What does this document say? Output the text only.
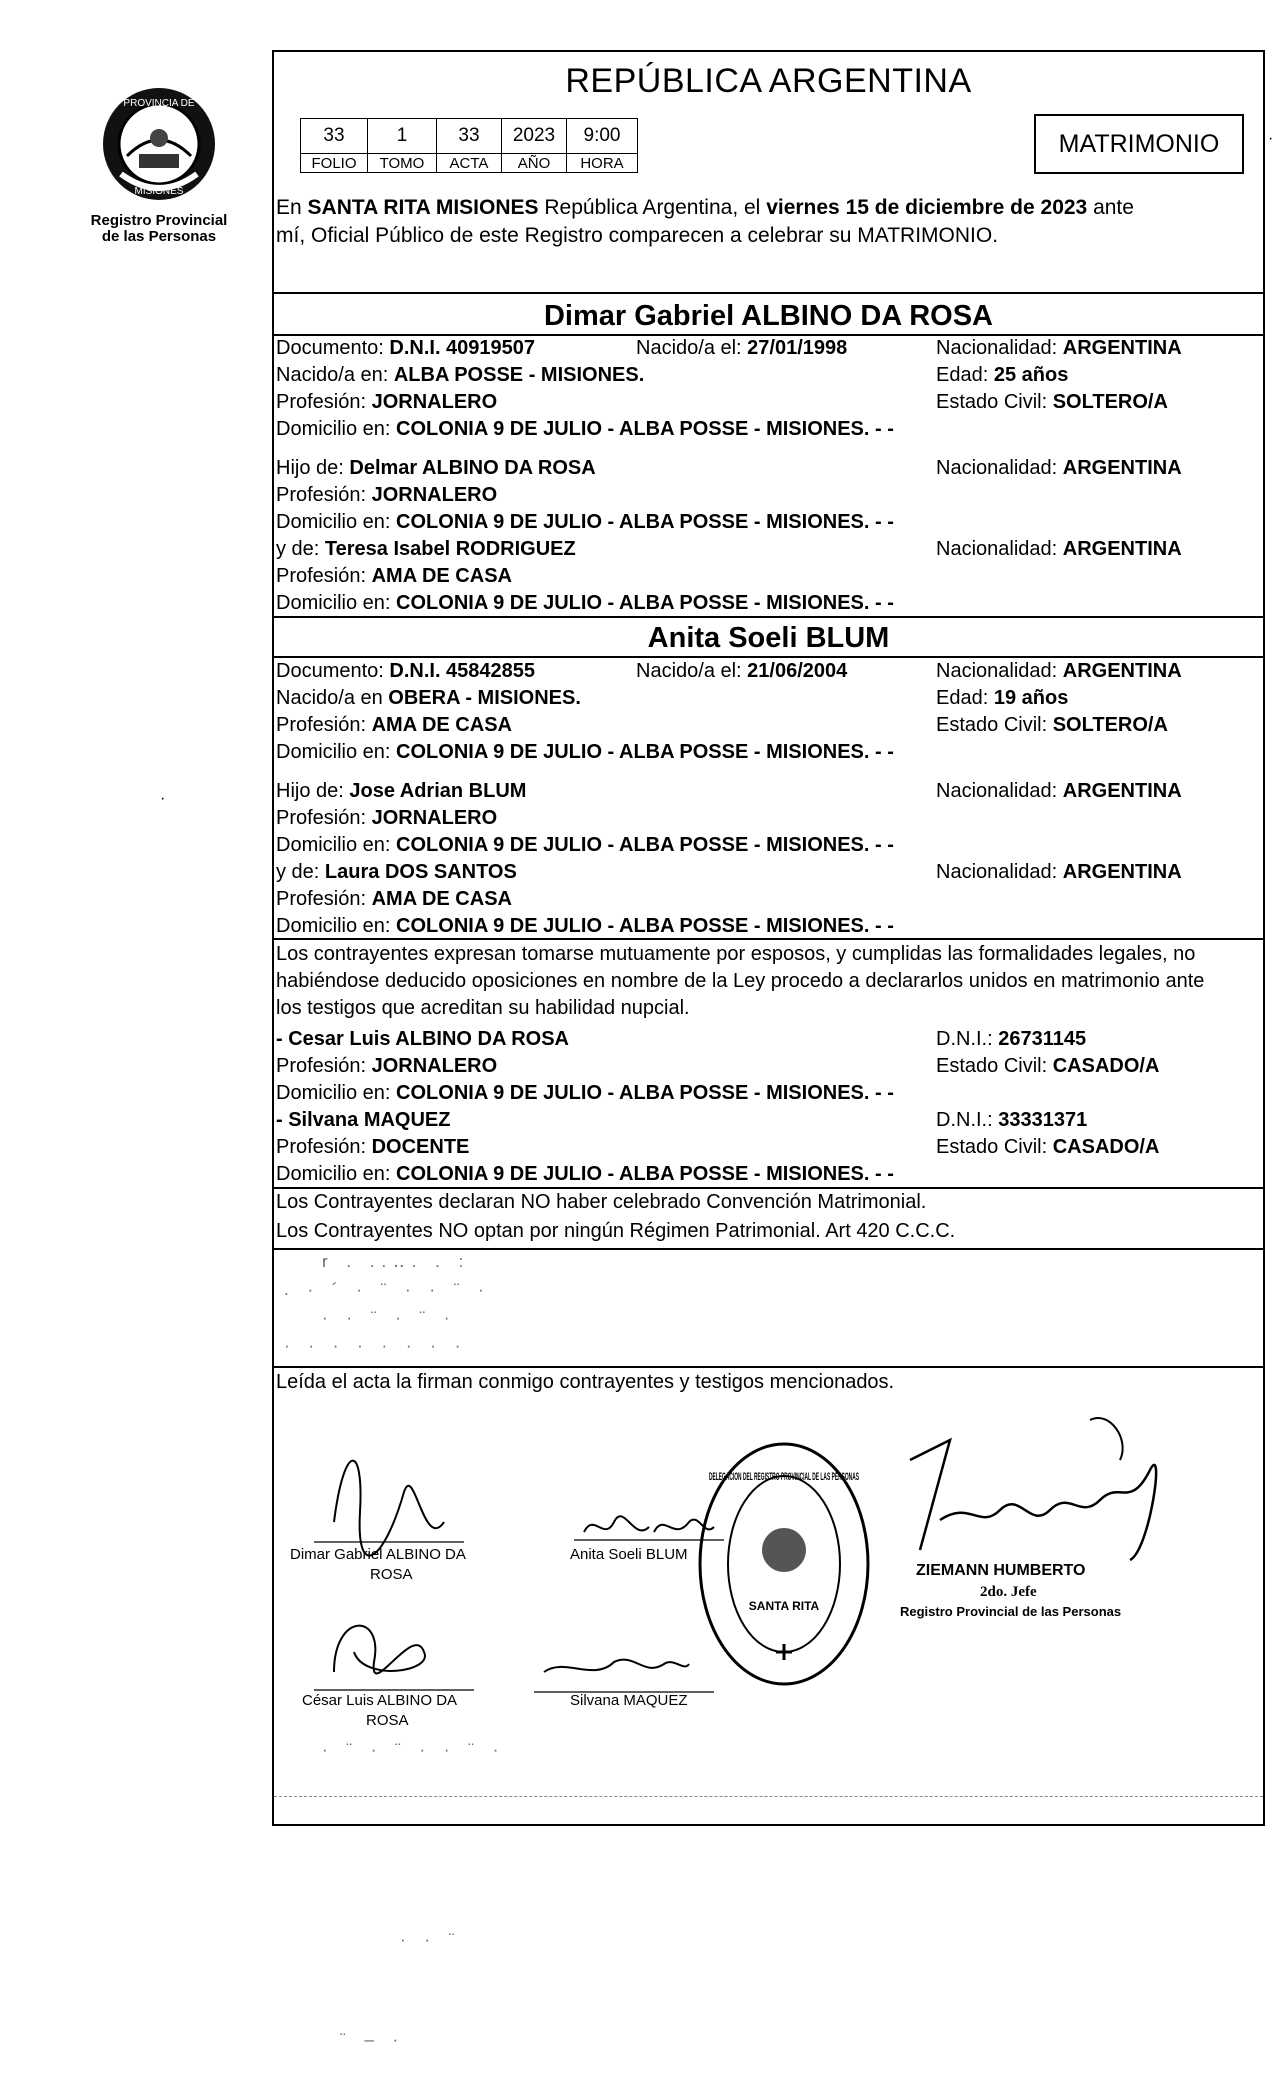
PROVINCIA DE
MISIONES
Registro Provincial
de las Personas
REPÚBLICA ARGENTINA
33	1	33	2023	9:00
FOLIO	TOMO	ACTA	AÑO	HORA
MATRIMONIO
En SANTA RITA MISIONES República Argentina, el viernes 15 de diciembre de 2023 ante
mí, Oficial Público de este Registro comparecen a celebrar su MATRIMONIO.
Dimar Gabriel ALBINO DA ROSA
Documento: D.N.I. 40919507	Nacido/a el: 27/01/1998	Nacionalidad: ARGENTINA
Nacido/a en: ALBA POSSE - MISIONES.	Edad: 25 años
Profesión: JORNALERO	Estado Civil: SOLTERO/A
Domicilio en: COLONIA 9 DE JULIO - ALBA POSSE - MISIONES. - -
Hijo de: Delmar ALBINO DA ROSA	Nacionalidad: ARGENTINA
Profesión: JORNALERO
Domicilio en: COLONIA 9 DE JULIO - ALBA POSSE - MISIONES. - -
y de: Teresa Isabel RODRIGUEZ	Nacionalidad: ARGENTINA
Profesión: AMA DE CASA
Domicilio en: COLONIA 9 DE JULIO - ALBA POSSE - MISIONES. - -
Anita Soeli BLUM
Documento: D.N.I. 45842855	Nacido/a el: 21/06/2004	Nacionalidad: ARGENTINA
Nacido/a en OBERA - MISIONES.	Edad: 19 años
Profesión: AMA DE CASA	Estado Civil: SOLTERO/A
Domicilio en: COLONIA 9 DE JULIO - ALBA POSSE - MISIONES. - -
Hijo de: Jose Adrian BLUM	Nacionalidad: ARGENTINA
Profesión: JORNALERO
Domicilio en: COLONIA 9 DE JULIO - ALBA POSSE - MISIONES. - -
y de: Laura DOS SANTOS	Nacionalidad: ARGENTINA
Profesión: AMA DE CASA
Domicilio en: COLONIA 9 DE JULIO - ALBA POSSE - MISIONES. - -
Los contrayentes expresan tomarse mutuamente por esposos, y cumplidas las formalidades legales, no
habiéndose deducido oposiciones en nombre de la Ley procedo a declararlos unidos en matrimonio ante
los testigos que acreditan su habilidad nupcial.
- Cesar Luis ALBINO DA ROSA	D.N.I.: 26731145
Profesión: JORNALERO	Estado Civil: CASADO/A
Domicilio en: COLONIA 9 DE JULIO - ALBA POSSE - MISIONES. - -
- Silvana MAQUEZ	D.N.I.: 33331371
Profesión: DOCENTE	Estado Civil: CASADO/A
Domicilio en: COLONIA 9 DE JULIO - ALBA POSSE - MISIONES. - -
Los Contrayentes declaran NO haber celebrado Convención Matrimonial.
Los Contrayentes NO optan por ningún Régimen Patrimonial. Art 420 C.C.C.
r . ..‥. . :
. · ´ · ¨ · · ¨ ·
· · ¨ · ¨ ·
· · · · · · · ·
Leída el acta la firman conmigo contrayentes y testigos mencionados.
Dimar Gabriel ALBINO DA
ROSA
Anita Soeli BLUM
César Luis ALBINO DA
ROSA
Silvana MAQUEZ
· ¨ · ¨ · · ¨ ·
DELEGACION DEL REGISTRO PROVINCIAL DE LAS PERSONAS
SANTA RITA
ZIEMANN HUMBERTO
2do. Jefe
Registro Provincial de las Personas
·
·
· · ¨
¨ ‒ ·
